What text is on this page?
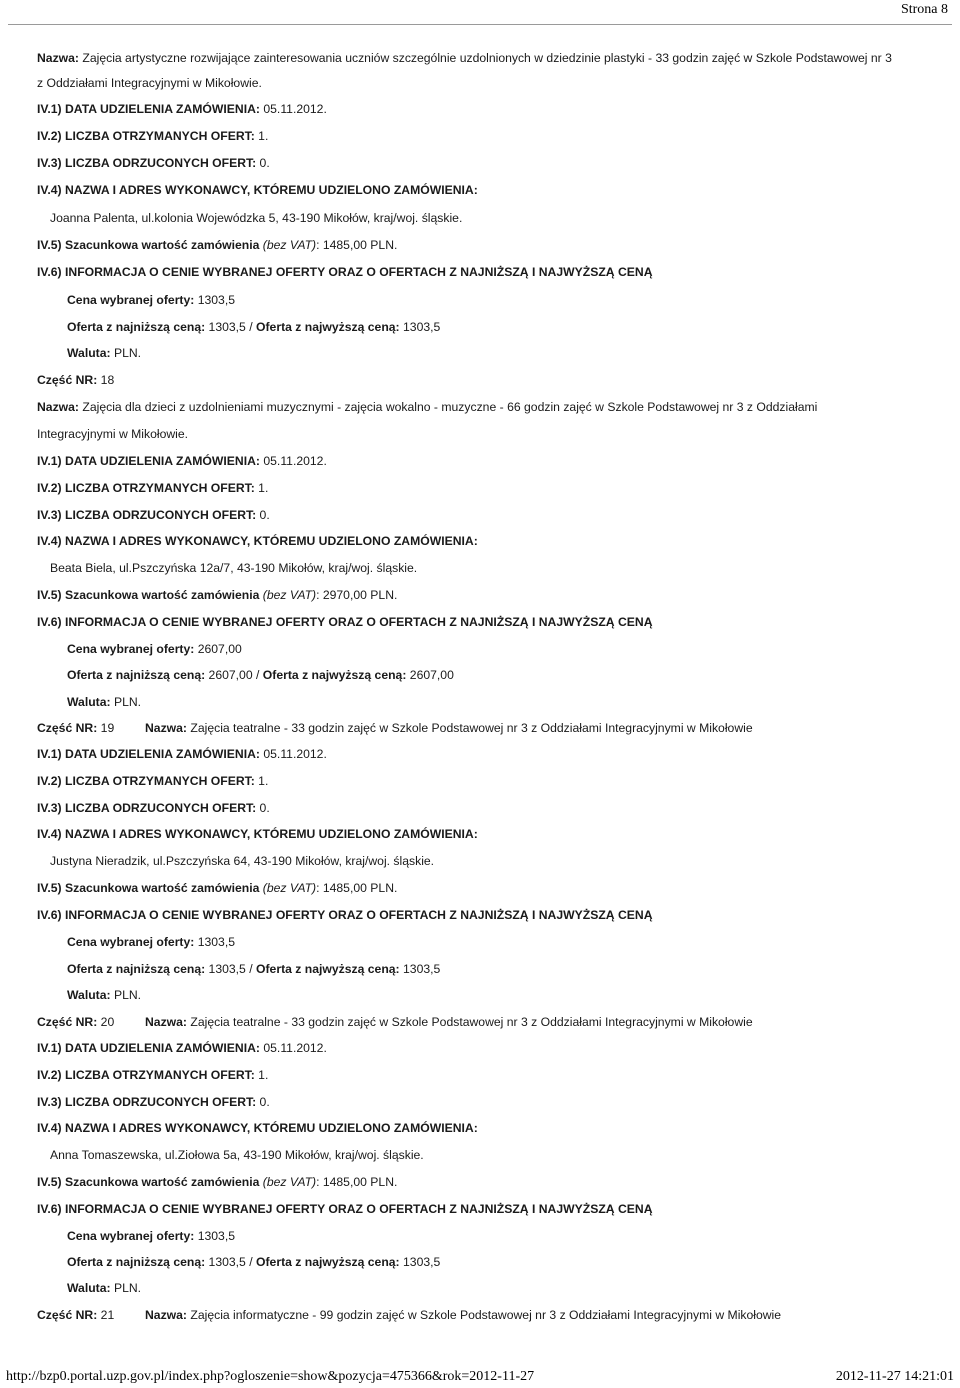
Strona 8
Nazwa: Zajęcia artystyczne rozwijające zainteresowania uczniów szczególnie uzdolnionych w dziedzinie plastyki - 33 godzin zajęć w Szkole Podstawowej nr 3
z Oddziałami Integracyjnymi w Mikołowie.
IV.1) DATA UDZIELENIA ZAMÓWIENIA: 05.11.2012.
IV.2) LICZBA OTRZYMANYCH OFERT: 1.
IV.3) LICZBA ODRZUCONYCH OFERT: 0.
IV.4) NAZWA I ADRES WYKONAWCY, KTÓREMU UDZIELONO ZAMÓWIENIA:
Joanna Palenta, ul.kolonia Wojewódzka 5, 43-190 Mikołów, kraj/woj. śląskie.
IV.5) Szacunkowa wartość zamówienia (bez VAT): 1485,00 PLN.
IV.6) INFORMACJA O CENIE WYBRANEJ OFERTY ORAZ O OFERTACH Z NAJNIŻSZĄ I NAJWYŻSZĄ CENĄ
Cena wybranej oferty: 1303,5
Oferta z najniższą ceną: 1303,5 / Oferta z najwyższą ceną: 1303,5
Waluta: PLN.
Część NR: 18
Nazwa: Zajęcia dla dzieci z uzdolnieniami muzycznymi - zajęcia wokalno - muzyczne - 66 godzin zajęć w Szkole Podstawowej nr 3 z Oddziałami
Integracyjnymi w Mikołowie.
IV.1) DATA UDZIELENIA ZAMÓWIENIA: 05.11.2012.
IV.2) LICZBA OTRZYMANYCH OFERT: 1.
IV.3) LICZBA ODRZUCONYCH OFERT: 0.
IV.4) NAZWA I ADRES WYKONAWCY, KTÓREMU UDZIELONO ZAMÓWIENIA:
Beata Biela, ul.Pszczyńska 12a/7, 43-190 Mikołów, kraj/woj. śląskie.
IV.5) Szacunkowa wartość zamówienia (bez VAT): 2970,00 PLN.
IV.6) INFORMACJA O CENIE WYBRANEJ OFERTY ORAZ O OFERTACH Z NAJNIŻSZĄ I NAJWYŻSZĄ CENĄ
Cena wybranej oferty: 2607,00
Oferta z najniższą ceną: 2607,00 / Oferta z najwyższą ceną: 2607,00
Waluta: PLN.
Część NR: 19	Nazwa: Zajęcia teatralne - 33 godzin zajęć w Szkole Podstawowej nr 3 z Oddziałami Integracyjnymi w Mikołowie
IV.1) DATA UDZIELENIA ZAMÓWIENIA: 05.11.2012.
IV.2) LICZBA OTRZYMANYCH OFERT: 1.
IV.3) LICZBA ODRZUCONYCH OFERT: 0.
IV.4) NAZWA I ADRES WYKONAWCY, KTÓREMU UDZIELONO ZAMÓWIENIA:
Justyna Nieradzik, ul.Pszczyńska 64, 43-190 Mikołów, kraj/woj. śląskie.
IV.5) Szacunkowa wartość zamówienia (bez VAT): 1485,00 PLN.
IV.6) INFORMACJA O CENIE WYBRANEJ OFERTY ORAZ O OFERTACH Z NAJNIŻSZĄ I NAJWYŻSZĄ CENĄ
Cena wybranej oferty: 1303,5
Oferta z najniższą ceną: 1303,5 / Oferta z najwyższą ceną: 1303,5
Waluta: PLN.
Część NR: 20	Nazwa: Zajęcia teatralne - 33 godzin zajęć w Szkole Podstawowej nr 3 z Oddziałami Integracyjnymi w Mikołowie
IV.1) DATA UDZIELENIA ZAMÓWIENIA: 05.11.2012.
IV.2) LICZBA OTRZYMANYCH OFERT: 1.
IV.3) LICZBA ODRZUCONYCH OFERT: 0.
IV.4) NAZWA I ADRES WYKONAWCY, KTÓREMU UDZIELONO ZAMÓWIENIA:
Anna Tomaszewska, ul.Ziołowa 5a, 43-190 Mikołów, kraj/woj. śląskie.
IV.5) Szacunkowa wartość zamówienia (bez VAT): 1485,00 PLN.
IV.6) INFORMACJA O CENIE WYBRANEJ OFERTY ORAZ O OFERTACH Z NAJNIŻSZĄ I NAJWYŻSZĄ CENĄ
Cena wybranej oferty: 1303,5
Oferta z najniższą ceną: 1303,5 / Oferta z najwyższą ceną: 1303,5
Waluta: PLN.
Część NR: 21	Nazwa: Zajęcia informatyczne - 99 godzin zajęć w Szkole Podstawowej nr 3 z Oddziałami Integracyjnymi w Mikołowie
http://bzp0.portal.uzp.gov.pl/index.php?ogloszenie=show&pozycja=475366&rok=2012-11-27	2012-11-27 14:21:01
